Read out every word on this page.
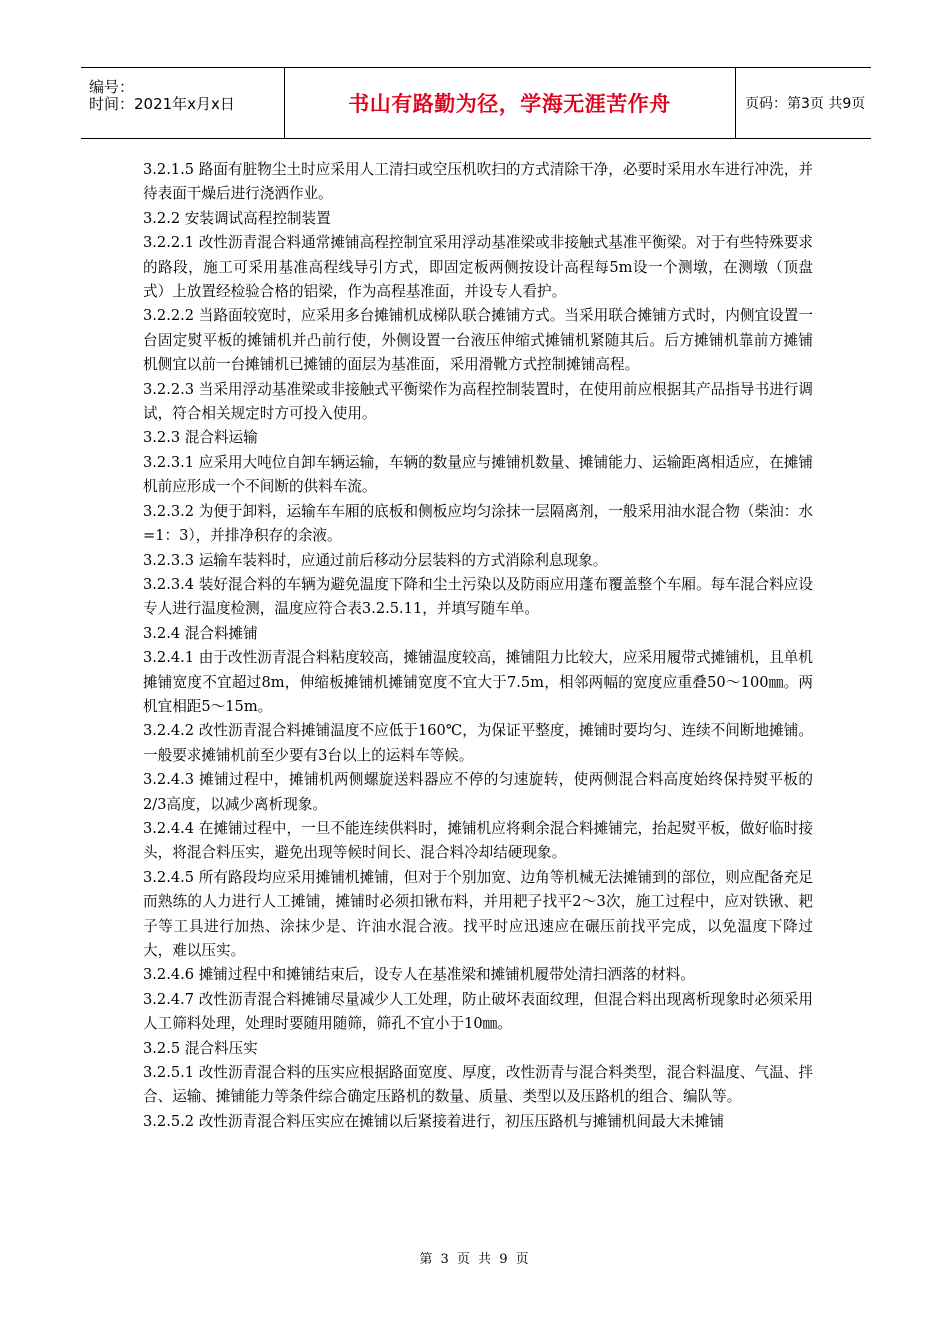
编号：
时间：2021年x月x日	书山有路勤为径，学海无涯苦作舟	页码：第3页 共9页

3.2.1.5 路面有脏物尘土时应采用人工清扫或空压机吹扫的方式清除干净，必要时采用水车进行冲洗，并待表面干燥后进行浇洒作业。

3.2.2 安装调试高程控制装置

3.2.2.1 改性沥青混合料通常摊铺高程控制宜采用浮动基准梁或非接触式基准平衡梁。对于有些特殊要求的路段，施工可采用基准高程线导引方式，即固定板两侧按设计高程每5m设一个测墩，在测墩（顶盘式）上放置经检验合格的铝梁，作为高程基准面，并设专人看护。

3.2.2.2 当路面较宽时，应采用多台摊铺机成梯队联合摊铺方式。当采用联合摊铺方式时，内侧宜设置一台固定熨平板的摊铺机并凸前行使，外侧设置一台液压伸缩式摊铺机紧随其后。后方摊铺机靠前方摊铺机侧宜以前一台摊铺机已摊铺的面层为基准面，采用滑靴方式控制摊铺高程。

3.2.2.3 当采用浮动基准梁或非接触式平衡梁作为高程控制装置时，在使用前应根据其产品指导书进行调试，符合相关规定时方可投入使用。

3.2.3 混合料运输

3.2.3.1 应采用大吨位自卸车辆运输，车辆的数量应与摊铺机数量、摊铺能力、运输距离相适应，在摊铺机前应形成一个不间断的供料车流。

3.2.3.2 为便于卸料，运输车车厢的底板和侧板应均匀涂抹一层隔离剂，一般采用油水混合物（柴油：水=1：3），并排净积存的余液。

3.2.3.3 运输车装料时，应通过前后移动分层装料的方式消除利息现象。

3.2.3.4 装好混合料的车辆为避免温度下降和尘土污染以及防雨应用蓬布覆盖整个车厢。每车混合料应设专人进行温度检测，温度应符合表3.2.5.11，并填写随车单。

3.2.4 混合料摊铺

3.2.4.1 由于改性沥青混合料粘度较高，摊铺温度较高，摊铺阻力比较大，应采用履带式摊铺机，且单机摊铺宽度不宜超过8m，伸缩板摊铺机摊铺宽度不宜大于7.5m，相邻两幅的宽度应重叠50～100㎜。两机宜相距5～15m。

3.2.4.2 改性沥青混合料摊铺温度不应低于160℃，为保证平整度，摊铺时要均匀、连续不间断地摊铺。一般要求摊铺机前至少要有3台以上的运料车等候。

3.2.4.3 摊铺过程中，摊铺机两侧螺旋送料器应不停的匀速旋转，使两侧混合料高度始终保持熨平板的2/3高度，以减少离析现象。

3.2.4.4 在摊铺过程中，一旦不能连续供料时，摊铺机应将剩余混合料摊铺完，抬起熨平板，做好临时接头，将混合料压实，避免出现等候时间长、混合料冷却结硬现象。

3.2.4.5 所有路段均应采用摊铺机摊铺，但对于个别加宽、边角等机械无法摊铺到的部位，则应配备充足而熟练的人力进行人工摊铺，摊铺时必须扣锹布料，并用耙子找平2～3次，施工过程中，应对铁锹、耙子等工具进行加热、涂抹少是、许油水混合液。找平时应迅速应在碾压前找平完成，以免温度下降过大，难以压实。

3.2.4.6 摊铺过程中和摊铺结束后，设专人在基准梁和摊铺机履带处清扫洒落的材料。

3.2.4.7 改性沥青混合料摊铺尽量减少人工处理，防止破坏表面纹理，但混合料出现离析现象时必须采用人工筛料处理，处理时要随用随筛，筛孔不宜小于10㎜。

3.2.5 混合料压实

3.2.5.1 改性沥青混合料的压实应根据路面宽度、厚度，改性沥青与混合料类型，混合料温度、气温、拌合、运输、摊铺能力等条件综合确定压路机的数量、质量、类型以及压路机的组合、编队等。

3.2.5.2 改性沥青混合料压实应在摊铺以后紧接着进行，初压压路机与摊铺机间最大未摊铺

第 3 页 共 9 页
